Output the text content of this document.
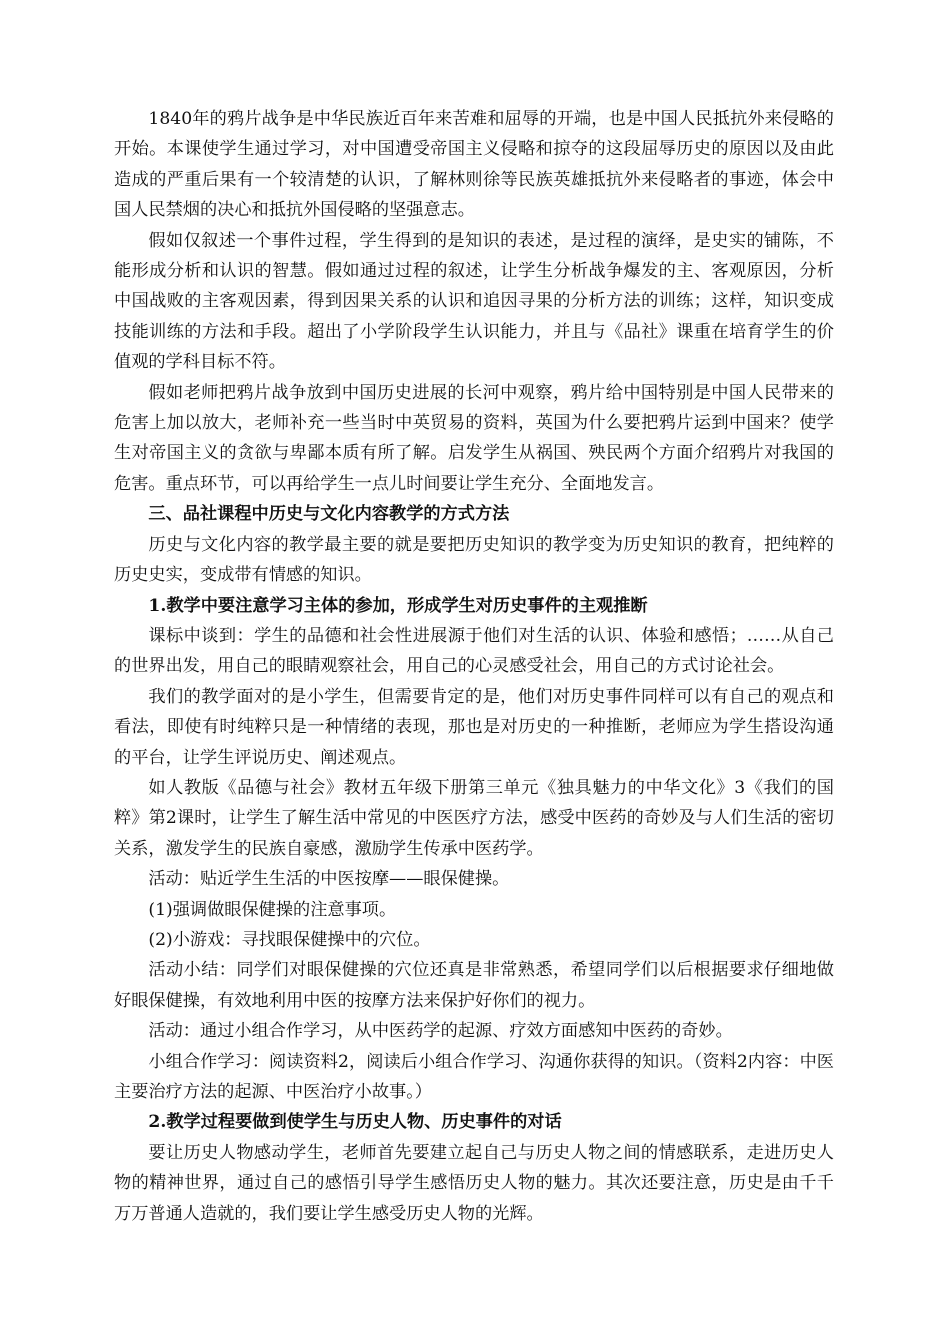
1840年的鸦片战争是中华民族近百年来苦难和屈辱的开端，也是中国人民抵抗外来侵略的开始。本课使学生通过学习，对中国遭受帝国主义侵略和掠夺的这段屈辱历史的原因以及由此造成的严重后果有一个较清楚的认识，了解林则徐等民族英雄抵抗外来侵略者的事迹，体会中国人民禁烟的决心和抵抗外国侵略的坚强意志。

假如仅叙述一个事件过程，学生得到的是知识的表述，是过程的演绎，是史实的铺陈，不能形成分析和认识的智慧。假如通过过程的叙述，让学生分析战争爆发的主、客观原因，分析中国战败的主客观因素，得到因果关系的认识和追因寻果的分析方法的训练；这样，知识变成技能训练的方法和手段。超出了小学阶段学生认识能力，并且与《品社》课重在培育学生的价值观的学科目标不符。

假如老师把鸦片战争放到中国历史进展的长河中观察，鸦片给中国特别是中国人民带来的危害上加以放大，老师补充一些当时中英贸易的资料，英国为什么要把鸦片运到中国来？使学生对帝国主义的贪欲与卑鄙本质有所了解。启发学生从祸国、殃民两个方面介绍鸦片对我国的危害。重点环节，可以再给学生一点儿时间要让学生充分、全面地发言。

三、品社课程中历史与文化内容教学的方式方法

历史与文化内容的教学最主要的就是要把历史知识的教学变为历史知识的教育，把纯粹的历史史实，变成带有情感的知识。

1.教学中要注意学习主体的参加，形成学生对历史事件的主观推断

课标中谈到：学生的品德和社会性进展源于他们对生活的认识、体验和感悟；……从自己的世界出发，用自己的眼睛观察社会，用自己的心灵感受社会，用自己的方式讨论社会。

我们的教学面对的是小学生，但需要肯定的是，他们对历史事件同样可以有自己的观点和看法，即使有时纯粹只是一种情绪的表现，那也是对历史的一种推断，老师应为学生搭设沟通的平台，让学生评说历史、阐述观点。

如人教版《品德与社会》教材五年级下册第三单元《独具魅力的中华文化》3《我们的国粹》第2课时，让学生了解生活中常见的中医医疗方法，感受中医药的奇妙及与人们生活的密切关系，激发学生的民族自豪感，激励学生传承中医药学。

活动：贴近学生生活的中医按摩——眼保健操。

(1)强调做眼保健操的注意事项。

(2)小游戏：寻找眼保健操中的穴位。

活动小结：同学们对眼保健操的穴位还真是非常熟悉，希望同学们以后根据要求仔细地做好眼保健操，有效地利用中医的按摩方法来保护好你们的视力。

活动：通过小组合作学习，从中医药学的起源、疗效方面感知中医药的奇妙。

小组合作学习：阅读资料2，阅读后小组合作学习、沟通你获得的知识。（资料2内容：中医主要治疗方法的起源、中医治疗小故事。）

2.教学过程要做到使学生与历史人物、历史事件的对话

要让历史人物感动学生，老师首先要建立起自己与历史人物之间的情感联系，走进历史人物的精神世界，通过自己的感悟引导学生感悟历史人物的魅力。其次还要注意，历史是由千千万万普通人造就的，我们要让学生感受历史人物的光辉。
